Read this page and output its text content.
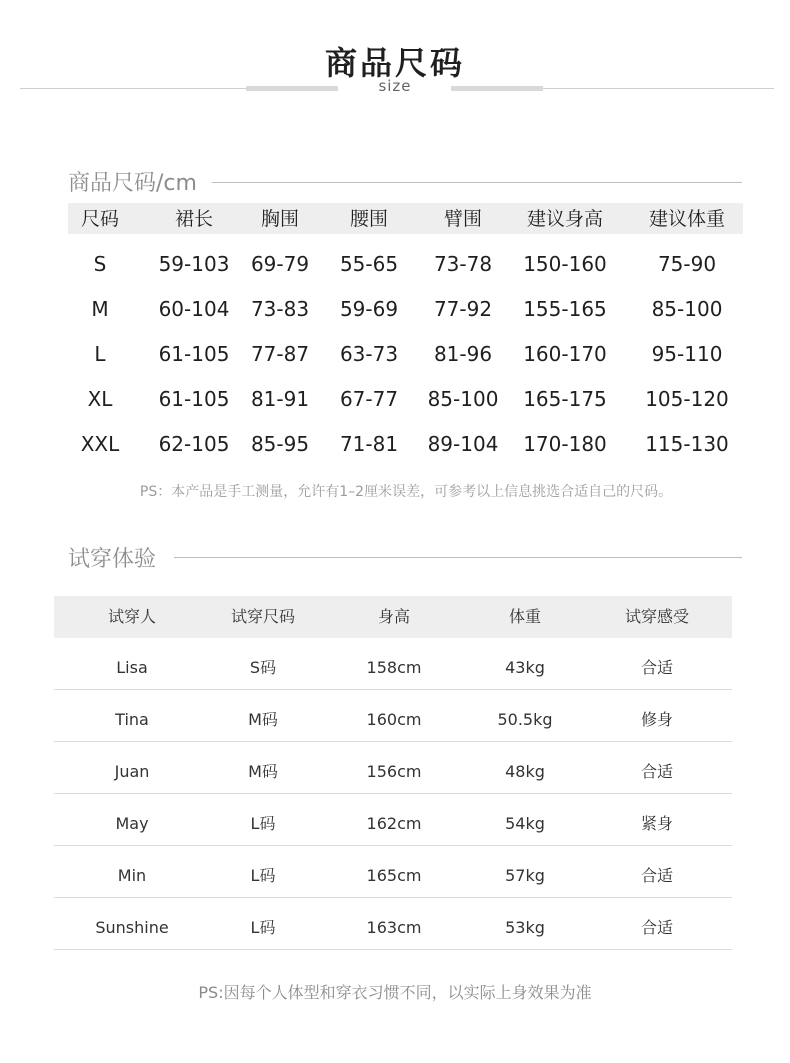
商品尺码
size
商品尺码/cm
尺码	裙长	胸围	腰围	臂围	建议身高	建议体重
S	59-103	69-79	55-65	73-78	150-160	75-90
M	60-104	73-83	59-69	77-92	155-165	85-100
L	61-105	77-87	63-73	81-96	160-170	95-110
XL	61-105	81-91	67-77	85-100	165-175	105-120
XXL	62-105	85-95	71-81	89-104	170-180	115-130
PS：本产品是手工测量，允许有1–2厘米误差，可参考以上信息挑选合适自己的尺码。
试穿体验
试穿人	试穿尺码	身高	体重	试穿感受
Lisa	S码	158cm	43kg	合适
Tina	M码	160cm	50.5kg	修身
Juan	M码	156cm	48kg	合适
May	L码	162cm	54kg	紧身
Min	L码	165cm	57kg	合适
Sunshine	L码	163cm	53kg	合适
PS:因每个人体型和穿衣习惯不同，以实际上身效果为准
